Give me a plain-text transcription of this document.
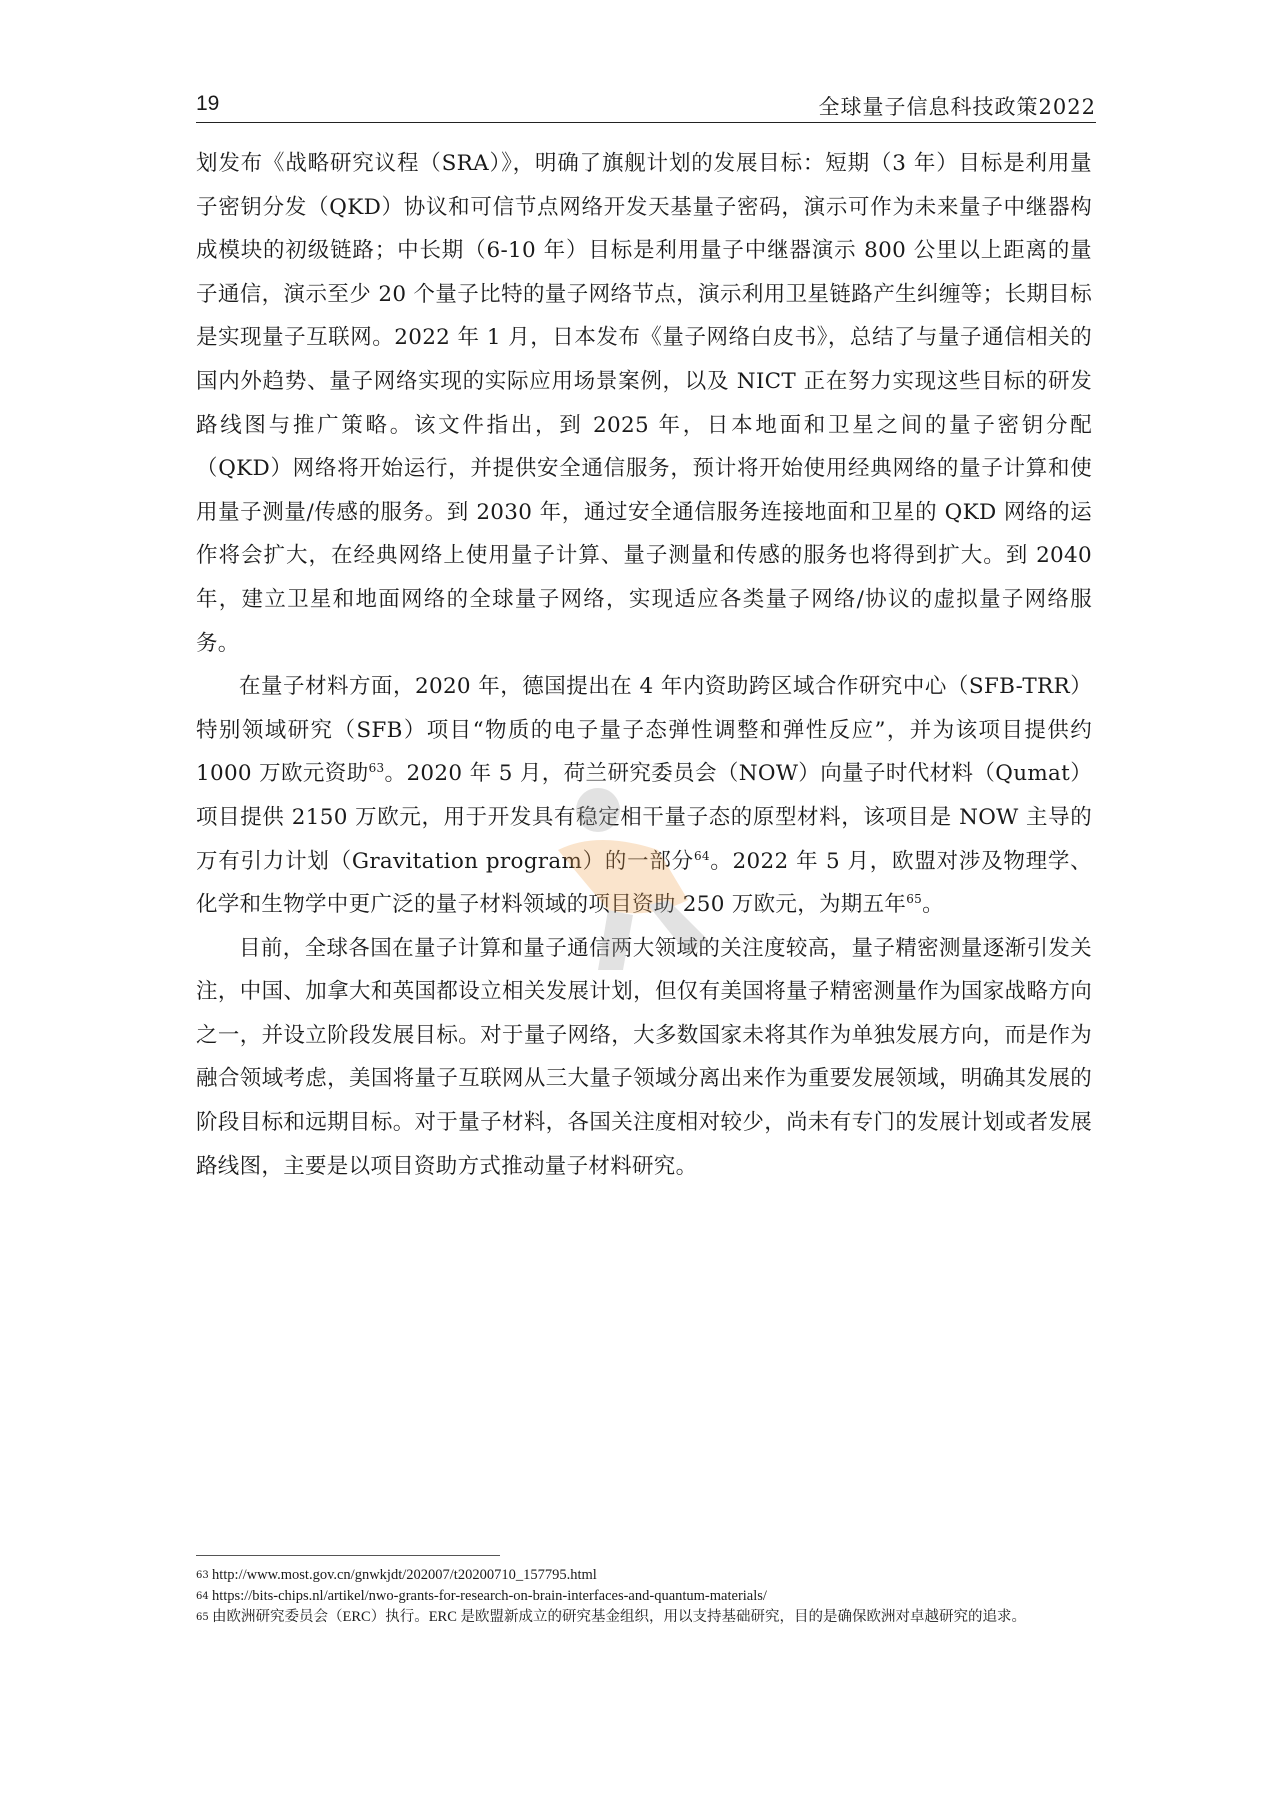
19	全球量子信息科技政策2022

划发布《战略研究议程（SRA）》，明确了旗舰计划的发展目标：短期（3 年）目标是利用量子密钥分发（QKD）协议和可信节点网络开发天基量子密码，演示可作为未来量子中继器构成模块的初级链路；中长期（6-10 年）目标是利用量子中继器演示 800 公里以上距离的量子通信，演示至少 20 个量子比特的量子网络节点，演示利用卫星链路产生纠缠等；长期目标是实现量子互联网。2022 年 1 月，日本发布《量子网络白皮书》，总结了与量子通信相关的国内外趋势、量子网络实现的实际应用场景案例，以及 NICT 正在努力实现这些目标的研发路线图与推广策略。该文件指出，到 2025 年，日本地面和卫星之间的量子密钥分配（QKD）网络将开始运行，并提供安全通信服务，预计将开始使用经典网络的量子计算和使用量子测量/传感的服务。到 2030 年，通过安全通信服务连接地面和卫星的 QKD 网络的运作将会扩大，在经典网络上使用量子计算、量子测量和传感的服务也将得到扩大。到 2040 年，建立卫星和地面网络的全球量子网络，实现适应各类量子网络/协议的虚拟量子网络服务。

在量子材料方面，2020 年，德国提出在 4 年内资助跨区域合作研究中心（SFB-TRR）特别领域研究（SFB）项目“物质的电子量子态弹性调整和弹性反应”，并为该项目提供约 1000 万欧元资助$^{63}$。2020 年 5 月，荷兰研究委员会（NOW）向量子时代材料（Qumat）项目提供 2150 万欧元，用于开发具有稳定相干量子态的原型材料，该项目是 NOW 主导的万有引力计划（Gravitation program）的一部分$^{64}$。2022 年 5 月，欧盟对涉及物理学、化学和生物学中更广泛的量子材料领域的项目资助 250 万欧元，为期五年$^{65}$。

目前，全球各国在量子计算和量子通信两大领域的关注度较高，量子精密测量逐渐引发关注，中国、加拿大和英国都设立相关发展计划，但仅有美国将量子精密测量作为国家战略方向之一，并设立阶段发展目标。对于量子网络，大多数国家未将其作为单独发展方向，而是作为融合领域考虑，美国将量子互联网从三大量子领域分离出来作为重要发展领域，明确其发展的阶段目标和远期目标。对于量子材料，各国关注度相对较少，尚未有专门的发展计划或者发展路线图，主要是以项目资助方式推动量子材料研究。

63 http://www.most.gov.cn/gnwkjdt/202007/t20200710_157795.html
64 https://bits-chips.nl/artikel/nwo-grants-for-research-on-brain-interfaces-and-quantum-materials/
65 由欧洲研究委员会（ERC）执行。ERC 是欧盟新成立的研究基金组织，用以支持基础研究，目的是确保欧洲对卓越研究的追求。
